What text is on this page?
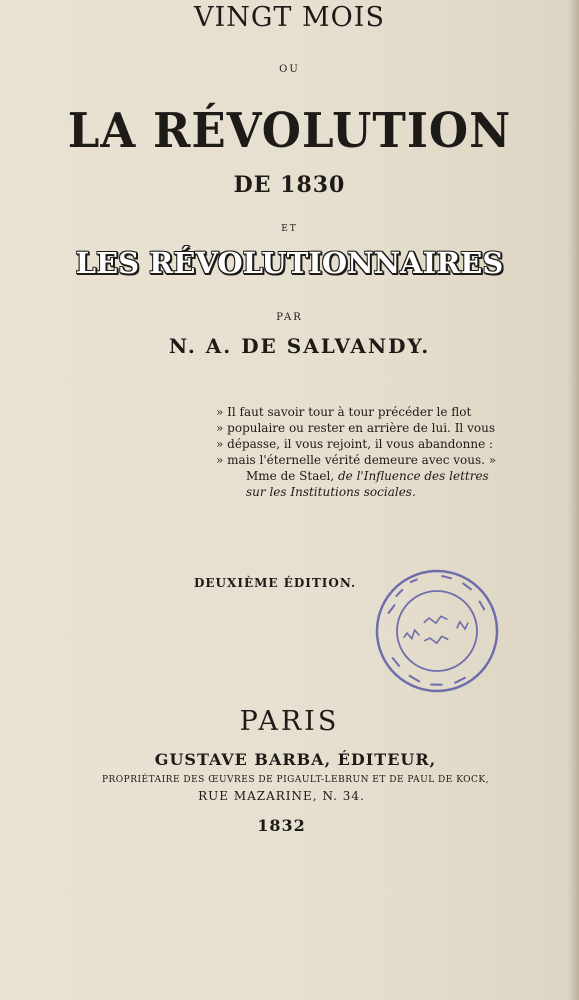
VINGT MOIS
OU
LA RÉVOLUTION
DE 1830
ET
LES RÉVOLUTIONNAIRES
PAR
N. A. DE SALVANDY.
» Il faut savoir tour à tour précéder le flot
» populaire ou rester en arrière de lui. Il vous
» dépasse, il vous rejoint, il vous abandonne :
» mais l'éternelle vérité demeure avec vous. »
Mme de Stael, de l'Influence des lettres
sur les Institutions sociales.
DEUXIÈME ÉDITION.
PARIS
GUSTAVE BARBA, ÉDITEUR,
PROPRIÉTAIRE DES ŒUVRES DE PIGAULT-LEBRUN ET DE PAUL DE KOCK,
RUE MAZARINE, N. 34.
1832
